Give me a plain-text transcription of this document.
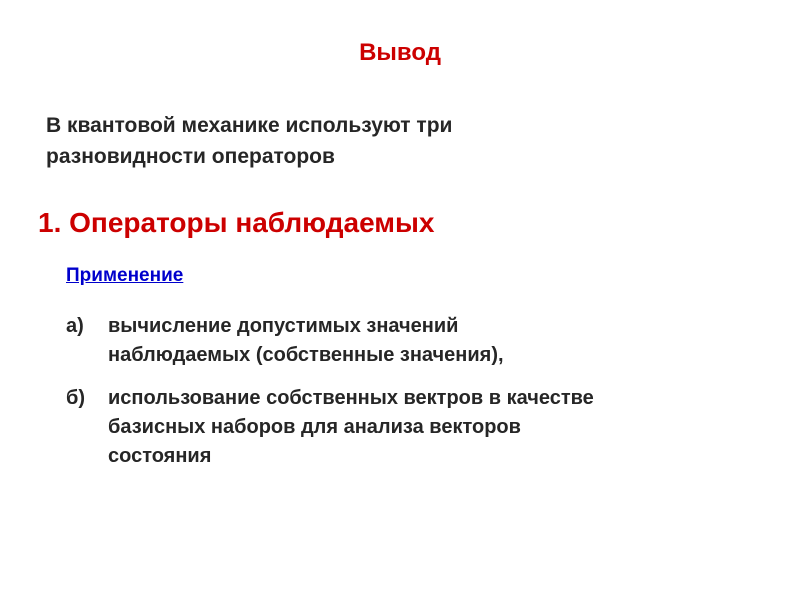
Вывод
В квантовой механике используют три
разновидности операторов
1. Операторы наблюдаемых
Применение
а)	вычисление допустимых значений
наблюдаемых (собственные значения),
б)	использование собственных вектров в качестве
базисных наборов для анализа векторов
состояния
